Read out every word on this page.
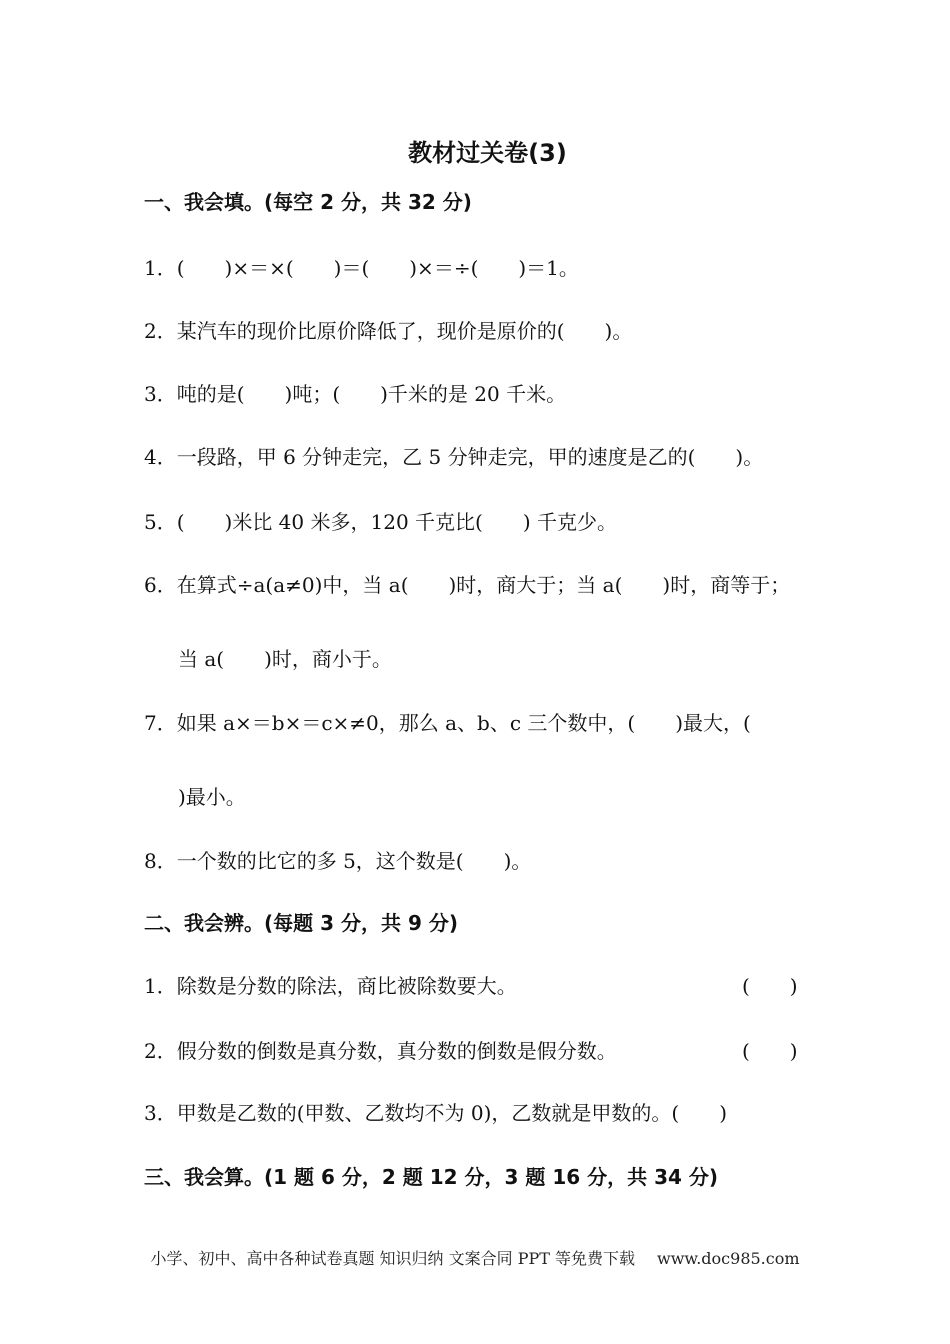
教材过关卷(3)
一、我会填。(每空 2 分，共 32 分)
1．(　　)×＝×(　　)＝(　　)×＝÷(　　)＝1。
2．某汽车的现价比原价降低了，现价是原价的(　　)。
3．吨的是(　　)吨；(　　)千米的是 20 千米。
4．一段路，甲 6 分钟走完，乙 5 分钟走完，甲的速度是乙的(　　)。
5．(　　)米比 40 米多，120 千克比(　　) 千克少。
6．在算式÷a(a≠0)中，当 a(　　)时，商大于；当 a(　　)时，商等于；
当 a(　　)时，商小于。
7．如果 a×＝b×＝c×≠0，那么 a、b、c 三个数中，(　　)最大，(
)最小。
8．一个数的比它的多 5，这个数是(　　)。
二、我会辨。(每题 3 分，共 9 分)
1．除数是分数的除法，商比被除数要大。	(　　)
2．假分数的倒数是真分数，真分数的倒数是假分数。	(　　)
3．甲数是乙数的(甲数、乙数均不为 0)，乙数就是甲数的。(　　)
三、我会算。(1 题 6 分，2 题 12 分，3 题 16 分，共 34 分)
小学、初中、高中各种试卷真题 知识归纳 文案合同 PPT 等免费下载 www.doc985.com
